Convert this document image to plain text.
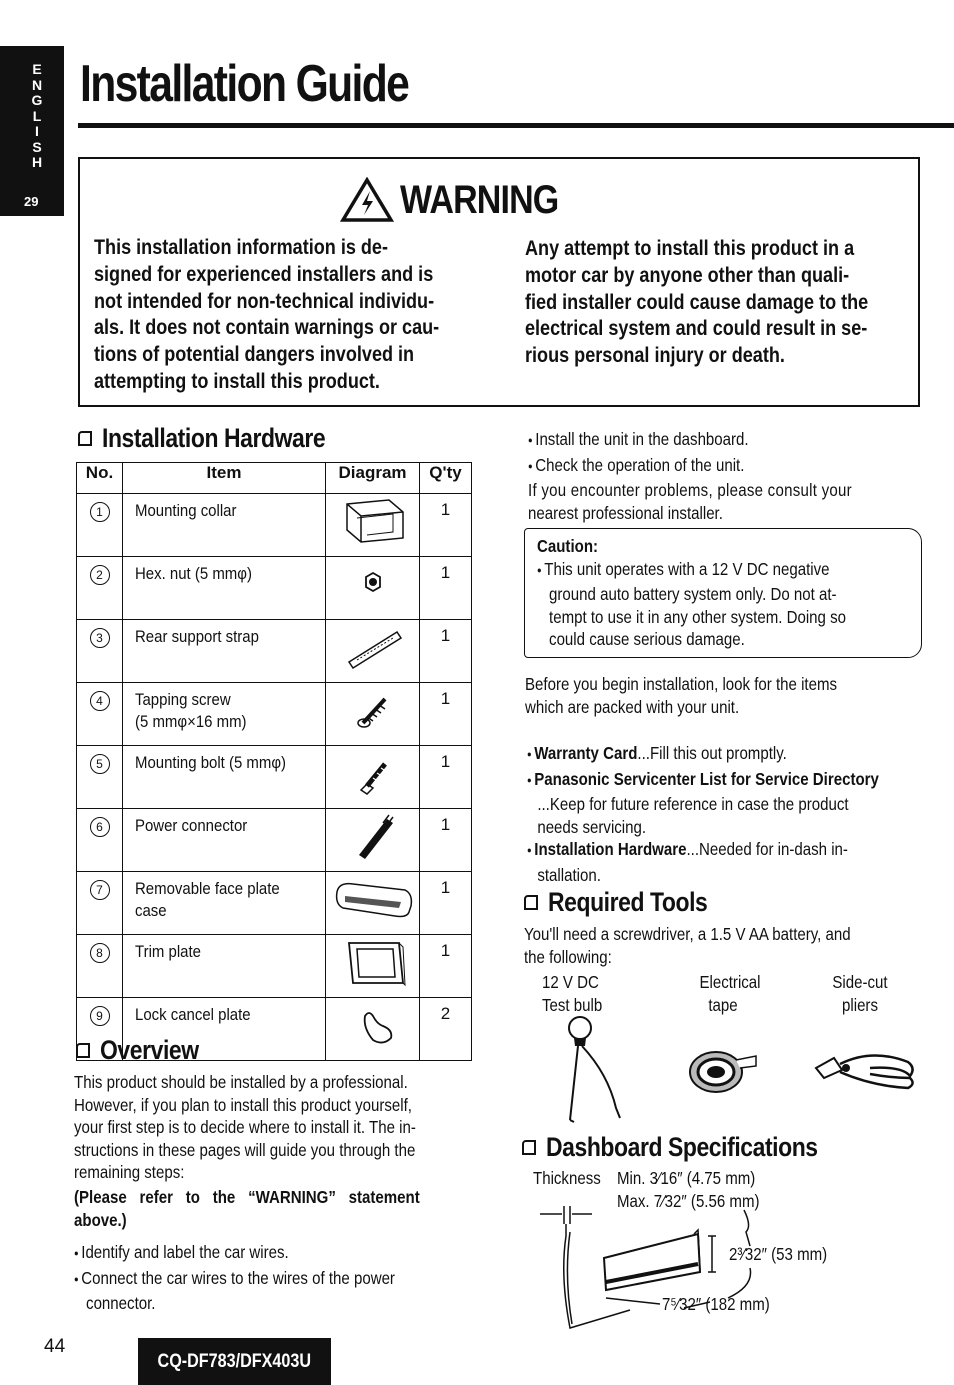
E
N
G
L
I
S
H
29
Installation Guide
WARNING
This installation information is de-
signed for experienced installers and is
not intended for non-technical individu-
als. It does not contain warnings or cau-
tions of potential dangers involved in
attempting to install this product.
Any attempt to install this product in a
motor car by anyone other than quali-
fied installer could cause damage to the
electrical system and could result in se-
rious personal injury or death.
Installation Hardware
No.	Item	Diagram	Q'ty
1	Mounting collar		1
2	Hex. nut (5 mmφ)		1
3	Rear support strap		1
4	Tapping screw
(5 mmφ×16 mm)		1
5	Mounting bolt (5 mmφ)		1
6	Power connector		1
7	Removable face plate
case		1
8	Trim plate		1
9	Lock cancel plate		2
Overview
This product should be installed by a professional.
However, if you plan to install this product yourself,
your first step is to decide where to install it. The in-
structions in these pages will guide you through the
remaining steps:
(Please refer to the “WARNING” statement
above.)
● Identify and label the car wires.
● Connect the car wires to the wires of the power
connector.
● Install the unit in the dashboard.
● Check the operation of the unit.
If you encounter problems, please consult your
nearest professional installer.
Caution:
● This unit operates with a 12 V DC negative
ground auto battery system only. Do not at-
tempt to use it in any other system. Doing so
could cause serious damage.
Before you begin installation, look for the items
which are packed with your unit.
● Warranty Card...Fill this out promptly.
● Panasonic Servicenter List for Service Directory
...Keep for future reference in case the product
needs servicing.
● Installation Hardware...Needed for in-dash in-
stallation.
Required Tools
You'll need a screwdriver, a 1.5 V AA battery, and
the following:
12 V DC
Test bulb
Electrical
tape
Side-cut
pliers
Dashboard Specifications
Thickness Min. 3⁄16″ (4.75 mm)
Max. 7⁄32″ (5.56 mm)
2³⁄32″ (53 mm)
7⁵⁄32″ (182 mm)
44
CQ-DF783/DFX403U
